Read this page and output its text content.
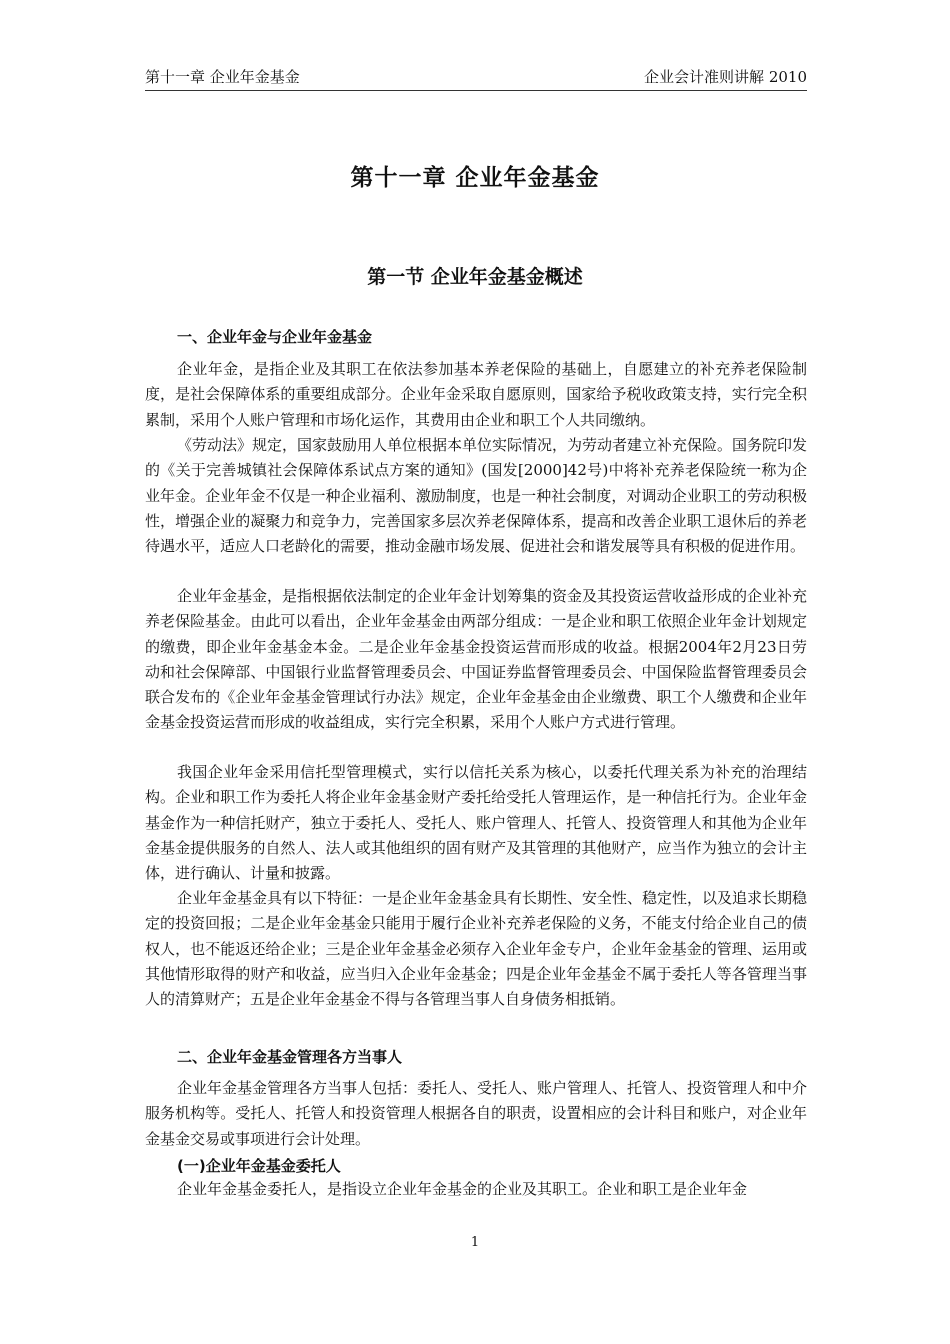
第十一章 企业年金基金	企业会计准则讲解 2010
第十一章 企业年金基金
第一节 企业年金基金概述
一、企业年金与企业年金基金
企业年金，是指企业及其职工在依法参加基本养老保险的基础上，自愿建立的补充养老保险制度，是社会保障体系的重要组成部分。企业年金采取自愿原则，国家给予税收政策支持，实行完全积累制，采用个人账户管理和市场化运作，其费用由企业和职工个人共同缴纳。
《劳动法》规定，国家鼓励用人单位根据本单位实际情况，为劳动者建立补充保险。国务院印发的《关于完善城镇社会保障体系试点方案的通知》(国发[2000]42号)中将补充养老保险统一称为企业年金。企业年金不仅是一种企业福利、激励制度，也是一种社会制度，对调动企业职工的劳动积极性，增强企业的凝聚力和竞争力，完善国家多层次养老保障体系，提高和改善企业职工退休后的养老待遇水平，适应人口老龄化的需要，推动金融市场发展、促进社会和谐发展等具有积极的促进作用。
企业年金基金，是指根据依法制定的企业年金计划筹集的资金及其投资运营收益形成的企业补充养老保险基金。由此可以看出，企业年金基金由两部分组成：一是企业和职工依照企业年金计划规定的缴费，即企业年金基金本金。二是企业年金基金投资运营而形成的收益。根据2004年2月23日劳动和社会保障部、中国银行业监督管理委员会、中国证券监督管理委员会、中国保险监督管理委员会联合发布的《企业年金基金管理试行办法》规定，企业年金基金由企业缴费、职工个人缴费和企业年金基金投资运营而形成的收益组成，实行完全积累，采用个人账户方式进行管理。
我国企业年金采用信托型管理模式，实行以信托关系为核心，以委托代理关系为补充的治理结构。企业和职工作为委托人将企业年金基金财产委托给受托人管理运作，是一种信托行为。企业年金基金作为一种信托财产，独立于委托人、受托人、账户管理人、托管人、投资管理人和其他为企业年金基金提供服务的自然人、法人或其他组织的固有财产及其管理的其他财产，应当作为独立的会计主体，进行确认、计量和披露。
企业年金基金具有以下特征：一是企业年金基金具有长期性、安全性、稳定性，以及追求长期稳定的投资回报；二是企业年金基金只能用于履行企业补充养老保险的义务，不能支付给企业自己的债权人，也不能返还给企业；三是企业年金基金必须存入企业年金专户，企业年金基金的管理、运用或其他情形取得的财产和收益，应当归入企业年金基金；四是企业年金基金不属于委托人等各管理当事人的清算财产；五是企业年金基金不得与各管理当事人自身债务相抵销。
二、企业年金基金管理各方当事人
企业年金基金管理各方当事人包括：委托人、受托人、账户管理人、托管人、投资管理人和中介服务机构等。受托人、托管人和投资管理人根据各自的职责，设置相应的会计科目和账户，对企业年金基金交易或事项进行会计处理。
(一)企业年金基金委托人
企业年金基金委托人，是指设立企业年金基金的企业及其职工。企业和职工是企业年金
1
